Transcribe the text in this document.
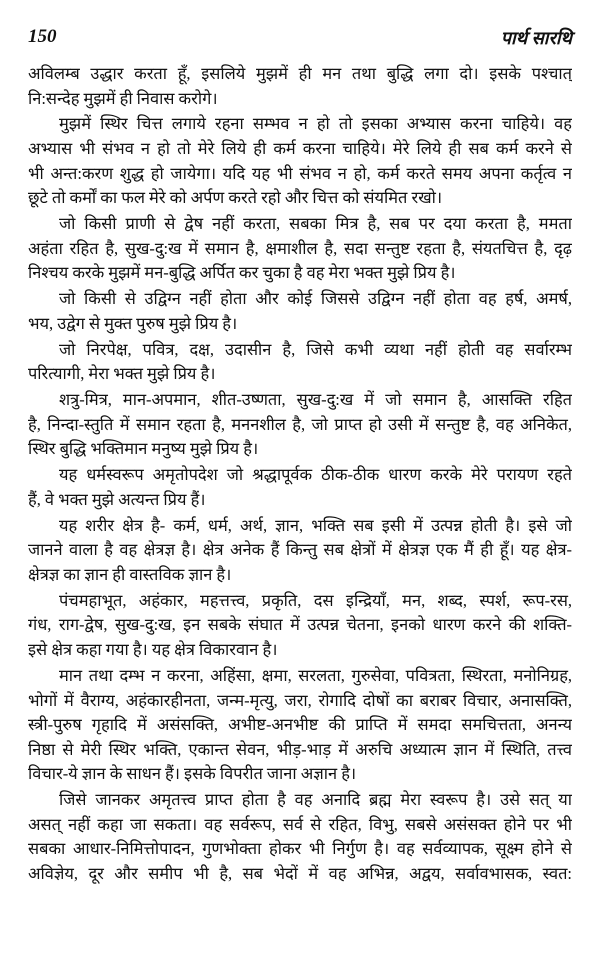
150	पार्थ सारथि
अविलम्ब उद्धार करता हूँ, इसलिये मुझमें ही मन तथा बुद्धि लगा दो। इसके पश्चात्
नि:सन्देह मुझमें ही निवास करोगे।
मुझमें स्थिर चित्त लगाये रहना सम्भव न हो तो इसका अभ्यास करना चाहिये। वह
अभ्यास भी संभव न हो तो मेरे लिये ही कर्म करना चाहिये। मेरे लिये ही सब कर्म करने से
भी अन्त:करण शुद्ध हो जायेगा। यदि यह भी संभव न हो, कर्म करते समय अपना कर्तृत्व न
छूटे तो कर्मों का फल मेरे को अर्पण करते रहो और चित्त को संयमित रखो।
जो किसी प्राणी से द्वेष नहीं करता, सबका मित्र है, सब पर दया करता है, ममता
अहंता रहित है, सुख-दु:ख में समान है, क्षमाशील है, सदा सन्तुष्ट रहता है, संयतचित्त है, दृढ़
निश्चय करके मुझमें मन-बुद्धि अर्पित कर चुका है वह मेरा भक्त मुझे प्रिय है।
जो किसी से उद्विग्न नहीं होता और कोई जिससे उद्विग्न नहीं होता वह हर्ष, अमर्ष,
भय, उद्वेग से मुक्त पुरुष मुझे प्रिय है।
जो निरपेक्ष, पवित्र, दक्ष, उदासीन है, जिसे कभी व्यथा नहीं होती वह सर्वारम्भ
परित्यागी, मेरा भक्त मुझे प्रिय है।
शत्रु-मित्र, मान-अपमान, शीत-उष्णता, सुख-दु:ख में जो समान है, आसक्ति रहित
है, निन्दा-स्तुति में समान रहता है, मननशील है, जो प्राप्त हो उसी में सन्तुष्ट है, वह अनिकेत,
स्थिर बुद्धि भक्तिमान मनुष्य मुझे प्रिय है।
यह धर्मस्वरूप अमृतोपदेश जो श्रद्धापूर्वक ठीक-ठीक धारण करके मेरे परायण रहते
हैं, वे भक्त मुझे अत्यन्त प्रिय हैं।
यह शरीर क्षेत्र है- कर्म, धर्म, अर्थ, ज्ञान, भक्ति सब इसी में उत्पन्न होती है। इसे जो
जानने वाला है वह क्षेत्रज्ञ है। क्षेत्र अनेक हैं किन्तु सब क्षेत्रों में क्षेत्रज्ञ एक मैं ही हूँ। यह क्षेत्र-
क्षेत्रज्ञ का ज्ञान ही वास्तविक ज्ञान है।
पंचमहाभूत, अहंकार, महत्तत्त्व, प्रकृति, दस इन्द्रियाँ, मन, शब्द, स्पर्श, रूप-रस,
गंध, राग-द्वेष, सुख-दु:ख, इन सबके संघात में उत्पन्न चेतना, इनको धारण करने की शक्ति-
इसे क्षेत्र कहा गया है। यह क्षेत्र विकारवान है।
मान तथा दम्भ न करना, अहिंसा, क्षमा, सरलता, गुरुसेवा, पवित्रता, स्थिरता, मनोनिग्रह,
भोगों में वैराग्य, अहंकारहीनता, जन्म-मृत्यु, जरा, रोगादि दोषों का बराबर विचार, अनासक्ति,
स्त्री-पुरुष गृहादि में असंसक्ति, अभीष्ट-अनभीष्ट की प्राप्ति में समदा समचित्तता, अनन्य
निष्ठा से मेरी स्थिर भक्ति, एकान्त सेवन, भीड़-भाड़ में अरुचि अध्यात्म ज्ञान में स्थिति, तत्त्व
विचार-ये ज्ञान के साधन हैं। इसके विपरीत जाना अज्ञान है।
जिसे जानकर अमृतत्त्व प्राप्त होता है वह अनादि ब्रह्म मेरा स्वरूप है। उसे सत् या
असत् नहीं कहा जा सकता। वह सर्वरूप, सर्व से रहित, विभु, सबसे असंसक्त होने पर भी
सबका आधार-निमित्तोपादन, गुणभोक्ता होकर भी निर्गुण है। वह सर्वव्यापक, सूक्ष्म होने से
अविज्ञेय, दूर और समीप भी है, सब भेदों में वह अभिन्न, अद्वय, सर्वावभासक, स्वत:
